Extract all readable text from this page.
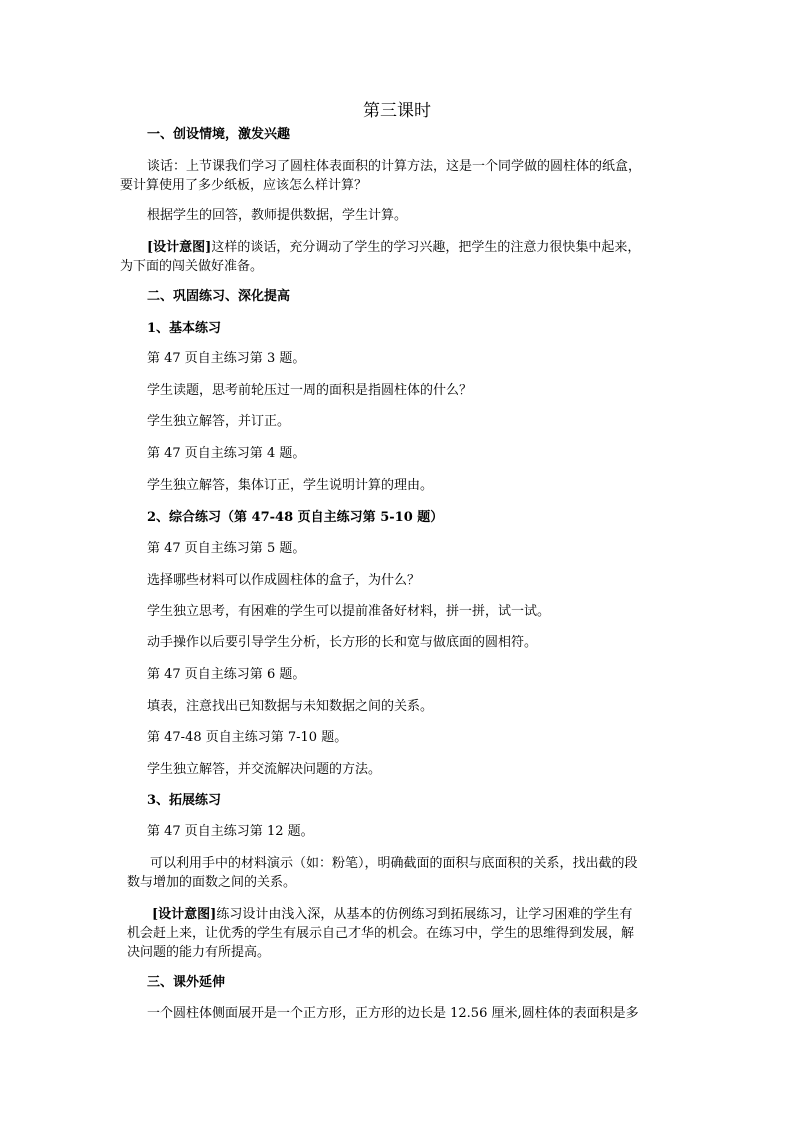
第三课时
一、创设情境，激发兴趣
谈话：上节课我们学习了圆柱体表面积的计算方法，这是一个同学做的圆柱体的纸盒，
要计算使用了多少纸板，应该怎么样计算？
根据学生的回答，教师提供数据，学生计算。
[设计意图]这样的谈话，充分调动了学生的学习兴趣，把学生的注意力很快集中起来，
为下面的闯关做好准备。
二、巩固练习、深化提高
1、基本练习
第 47 页自主练习第 3 题。
学生读题，思考前轮压过一周的面积是指圆柱体的什么？
学生独立解答，并订正。
第 47 页自主练习第 4 题。
学生独立解答，集体订正，学生说明计算的理由。
2、综合练习（第 47-48 页自主练习第 5-10 题）
第 47 页自主练习第 5 题。
选择哪些材料可以作成圆柱体的盒子，为什么？
学生独立思考，有困难的学生可以提前准备好材料，拼一拼，试一试。
动手操作以后要引导学生分析，长方形的长和宽与做底面的圆相符。
第 47 页自主练习第 6 题。
填表，注意找出已知数据与未知数据之间的关系。
第 47-48 页自主练习第 7-10 题。
学生独立解答，并交流解决问题的方法。
3、拓展练习
第 47 页自主练习第 12 题。
可以利用手中的材料演示（如：粉笔），明确截面的面积与底面积的关系，找出截的段
数与增加的面数之间的关系。
[设计意图]练习设计由浅入深，从基本的仿例练习到拓展练习，让学习困难的学生有
机会赶上来，让优秀的学生有展示自己才华的机会。在练习中，学生的思维得到发展，解
决问题的能力有所提高。
三、课外延伸
一个圆柱体侧面展开是一个正方形，正方形的边长是 12.56 厘米,圆柱体的表面积是多
